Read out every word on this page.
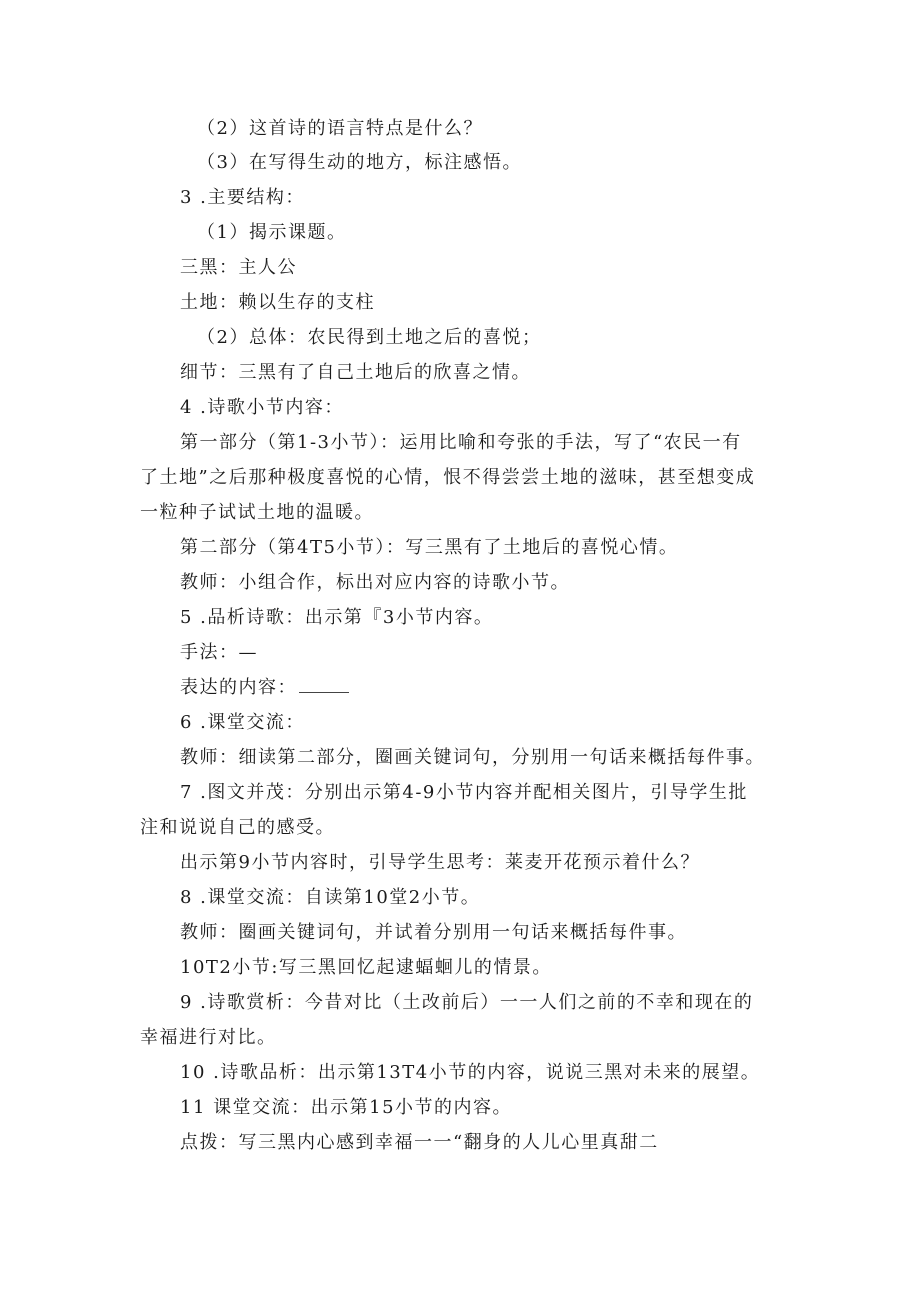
（2）这首诗的语言特点是什么？
（3）在写得生动的地方，标注感悟。
3 .主要结构：
（1）揭示课题。
三黑：主人公
土地：赖以生存的支柱
（2）总体：农民得到土地之后的喜悦；
细节：三黑有了自己土地后的欣喜之情。
4 .诗歌小节内容：
第一部分（第1-3小节）：运用比喻和夸张的手法，写了“农民一有
了土地”之后那种极度喜悦的心情，恨不得尝尝土地的滋味，甚至想变成
一粒种子试试土地的温暖。
第二部分（第4T5小节）：写三黑有了土地后的喜悦心情。
教师：小组合作，标出对应内容的诗歌小节。
5 .品析诗歌：出示第『3小节内容。
手法：—
表达的内容：
6 .课堂交流：
教师：细读第二部分，圈画关键词句，分别用一句话来概括每件事。
7 .图文并茂：分别出示第4-9小节内容并配相关图片，引导学生批
注和说说自己的感受。
出示第9小节内容时，引导学生思考：莱麦开花预示着什么？
8 .课堂交流：自读第10堂2小节。
教师：圈画关键词句，并试着分别用一句话来概括每件事。
10T2小节:写三黑回忆起逮蝠蛔儿的情景。
9 .诗歌赏析：今昔对比（土改前后）一一人们之前的不幸和现在的
幸福进行对比。
10 .诗歌品析：出示第13T4小节的内容，说说三黑对未来的展望。
11 课堂交流：出示第15小节的内容。
点拨：写三黑内心感到幸福一一“翻身的人儿心里真甜二
